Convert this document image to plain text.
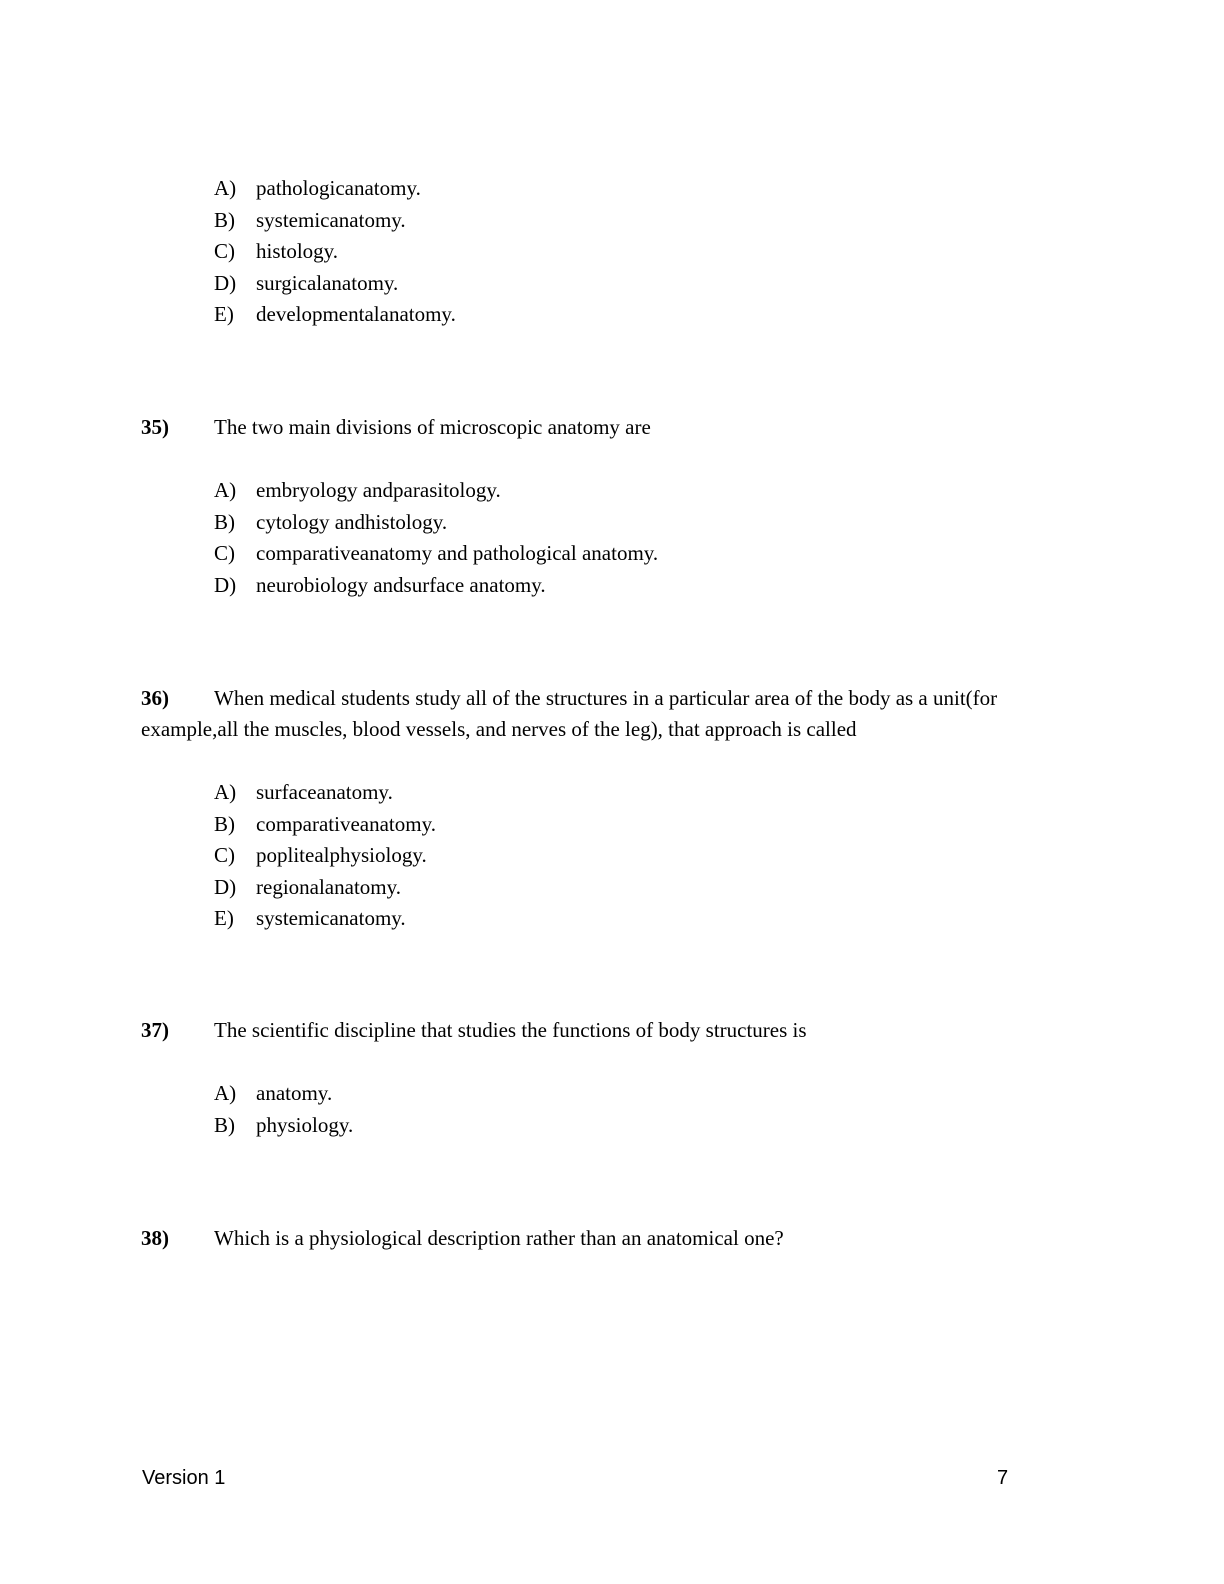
A) pathologicanatomy.
B) systemicanatomy.
C) histology.
D) surgicalanatomy.
E) developmentalanatomy.
35) The two main divisions of microscopic anatomy are
A) embryology andparasitology.
B) cytology andhistology.
C) comparativeanatomy and pathological anatomy.
D) neurobiology andsurface anatomy.
36) When medical students study all of the structures in a particular area of the body as a unit(for example,all the muscles, blood vessels, and nerves of the leg), that approach is called
A) surfaceanatomy.
B) comparativeanatomy.
C) poplitealphysiology.
D) regionalanatomy.
E) systemicanatomy.
37) The scientific discipline that studies the functions of body structures is
A) anatomy.
B) physiology.
38) Which is a physiological description rather than an anatomical one?
Version 1	7
